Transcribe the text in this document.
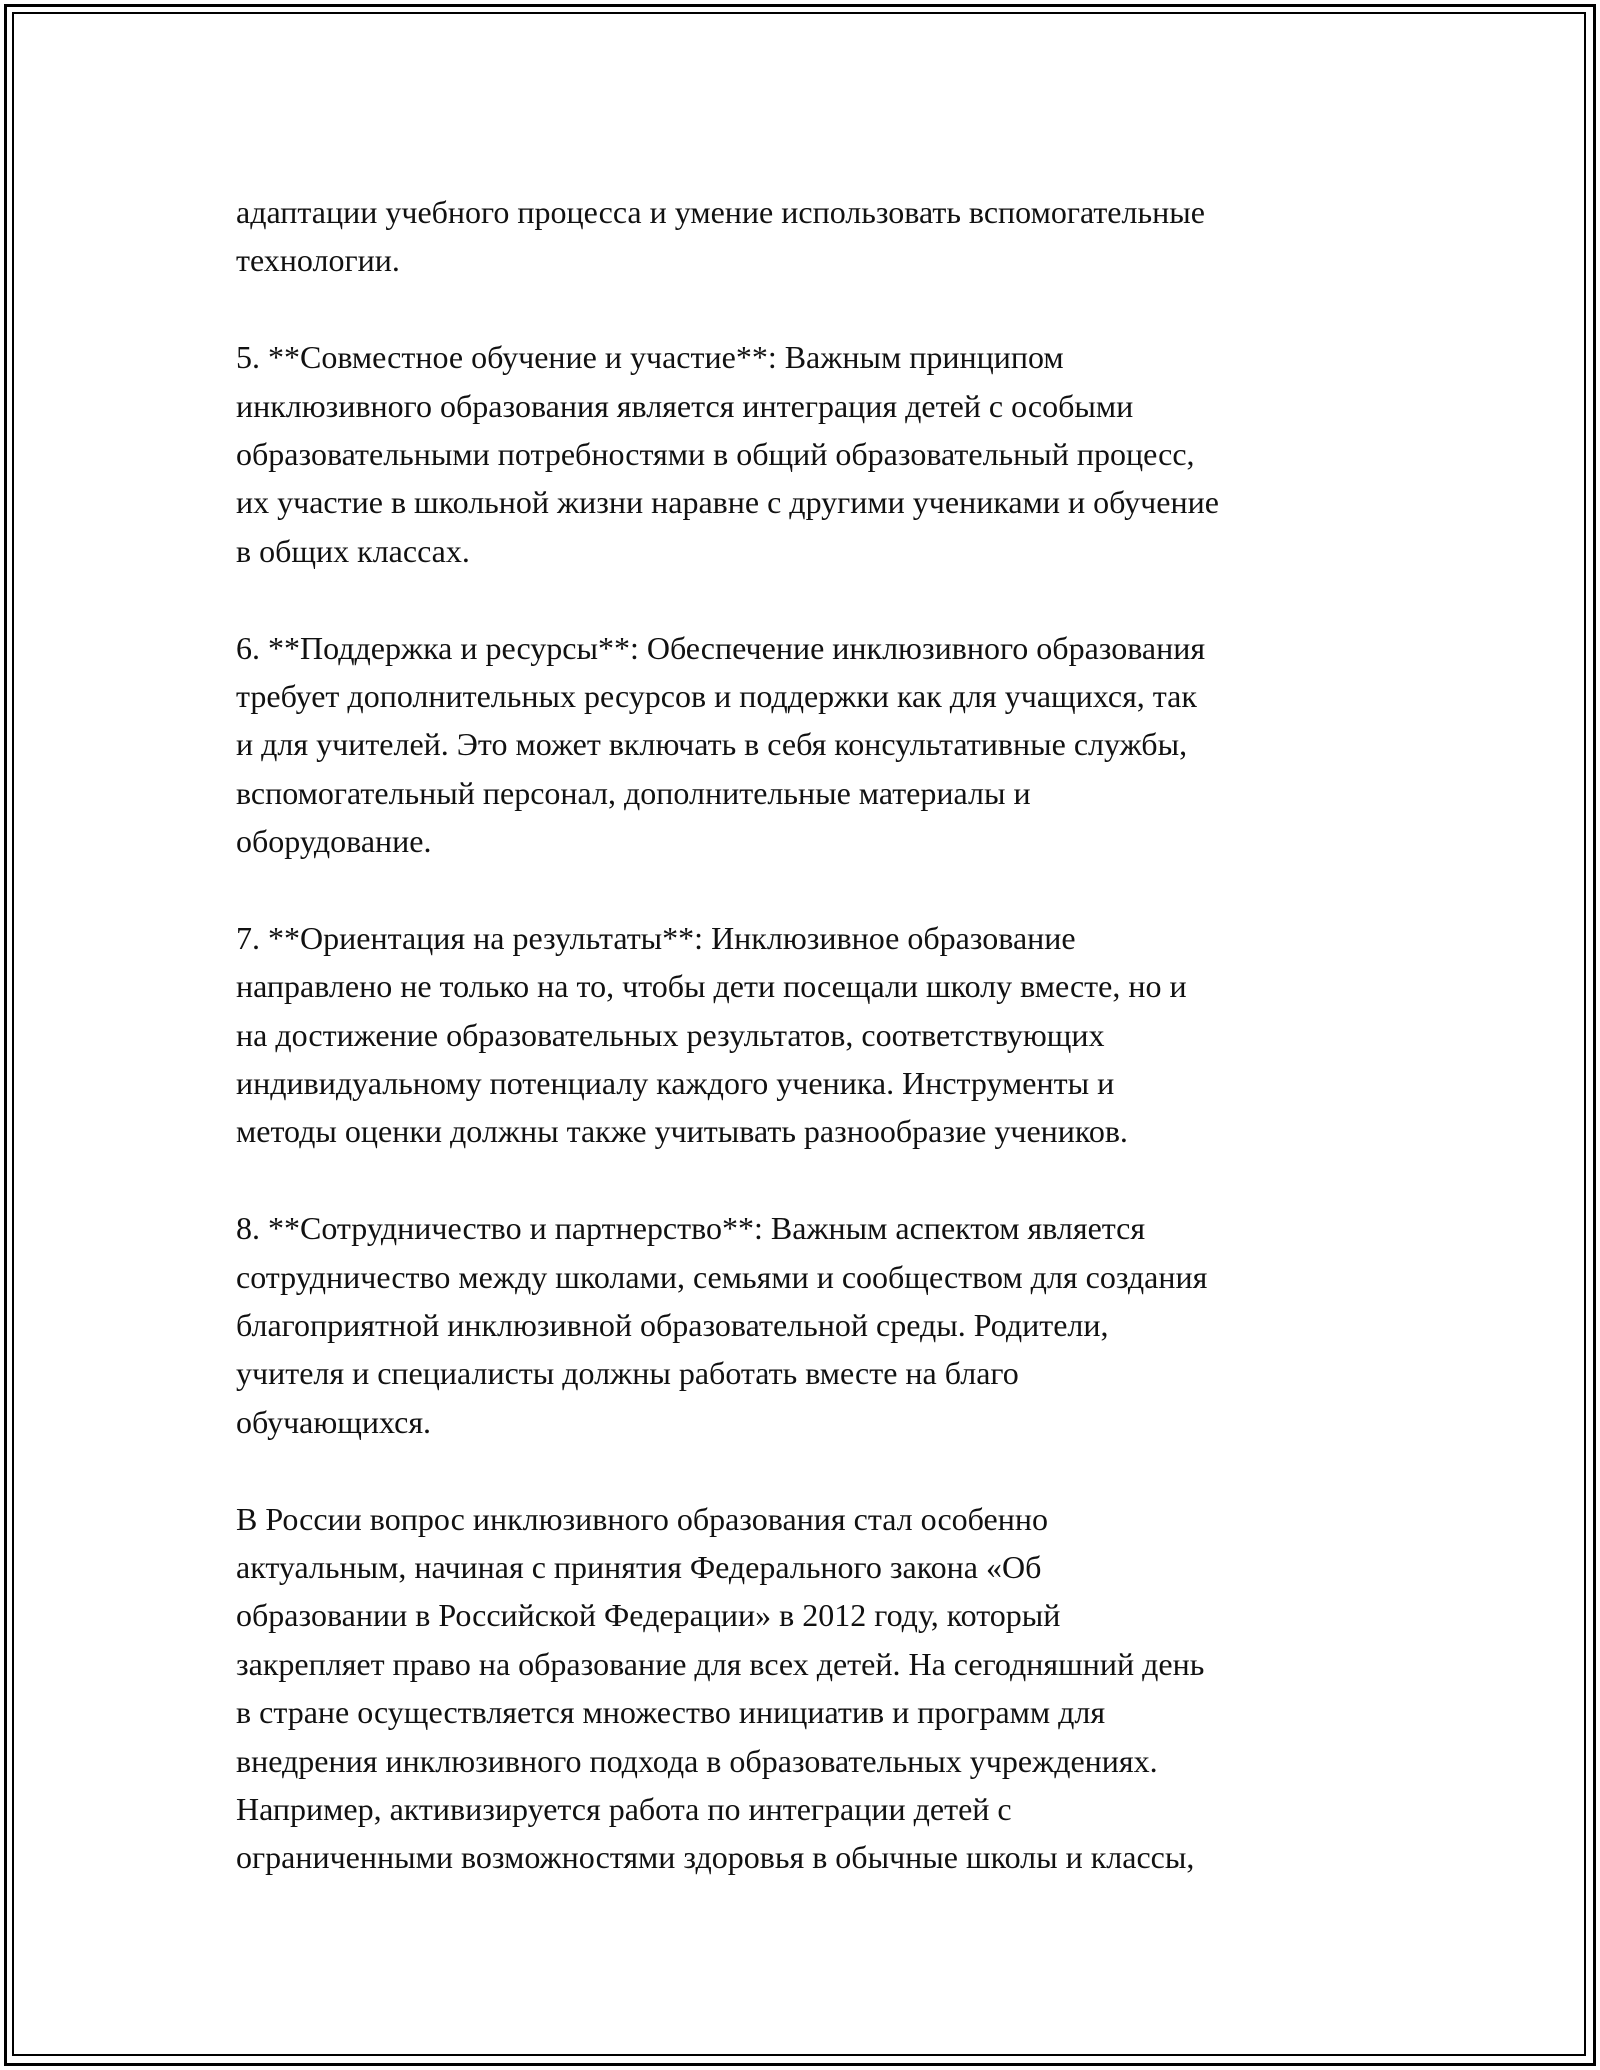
адаптации учебного процесса и умение использовать вспомогательные
технологии.
5. **Совместное обучение и участие**: Важным принципом
инклюзивного образования является интеграция детей с особыми
образовательными потребностями в общий образовательный процесс,
их участие в школьной жизни наравне с другими учениками и обучение
в общих классах.
6. **Поддержка и ресурсы**: Обеспечение инклюзивного образования
требует дополнительных ресурсов и поддержки как для учащихся, так
и для учителей. Это может включать в себя консультативные службы,
вспомогательный персонал, дополнительные материалы и
оборудование.
7. **Ориентация на результаты**: Инклюзивное образование
направлено не только на то, чтобы дети посещали школу вместе, но и
на достижение образовательных результатов, соответствующих
индивидуальному потенциалу каждого ученика. Инструменты и
методы оценки должны также учитывать разнообразие учеников.
8. **Сотрудничество и партнерство**: Важным аспектом является
сотрудничество между школами, семьями и сообществом для создания
благоприятной инклюзивной образовательной среды. Родители,
учителя и специалисты должны работать вместе на благо
обучающихся.
В России вопрос инклюзивного образования стал особенно
актуальным, начиная с принятия Федерального закона «Об
образовании в Российской Федерации» в 2012 году, который
закрепляет право на образование для всех детей. На сегодняшний день
в стране осуществляется множество инициатив и программ для
внедрения инклюзивного подхода в образовательных учреждениях.
Например, активизируется работа по интеграции детей с
ограниченными возможностями здоровья в обычные школы и классы,
